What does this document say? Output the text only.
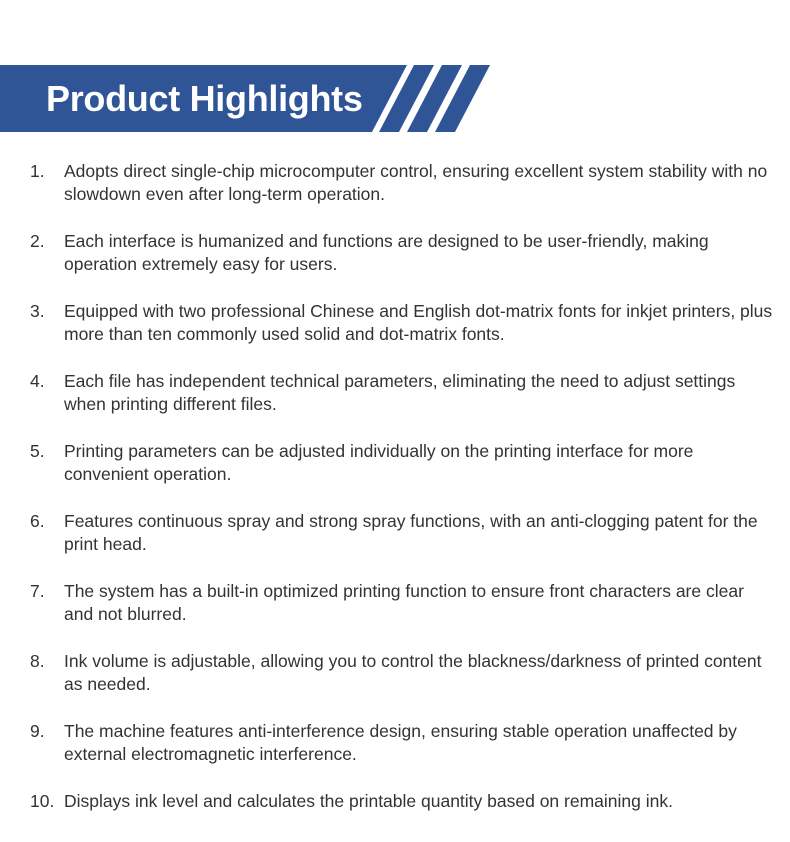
Product Highlights
1. Adopts direct single-chip microcomputer control, ensuring excellent system stability with no slowdown even after long-term operation.
2. Each interface is humanized and functions are designed to be user-friendly, making operation extremely easy for users.
3. Equipped with two professional Chinese and English dot-matrix fonts for inkjet printers, plus more than ten commonly used solid and dot-matrix fonts.
4. Each file has independent technical parameters, eliminating the need to adjust settings when printing different files.
5. Printing parameters can be adjusted individually on the printing interface for more convenient operation.
6. Features continuous spray and strong spray functions, with an anti-clogging patent for the print head.
7. The system has a built-in optimized printing function to ensure front characters are clear and not blurred.
8. Ink volume is adjustable, allowing you to control the blackness/darkness of printed content as needed.
9. The machine features anti-interference design, ensuring stable operation unaffected by external electromagnetic interference.
10. Displays ink level and calculates the printable quantity based on remaining ink.
